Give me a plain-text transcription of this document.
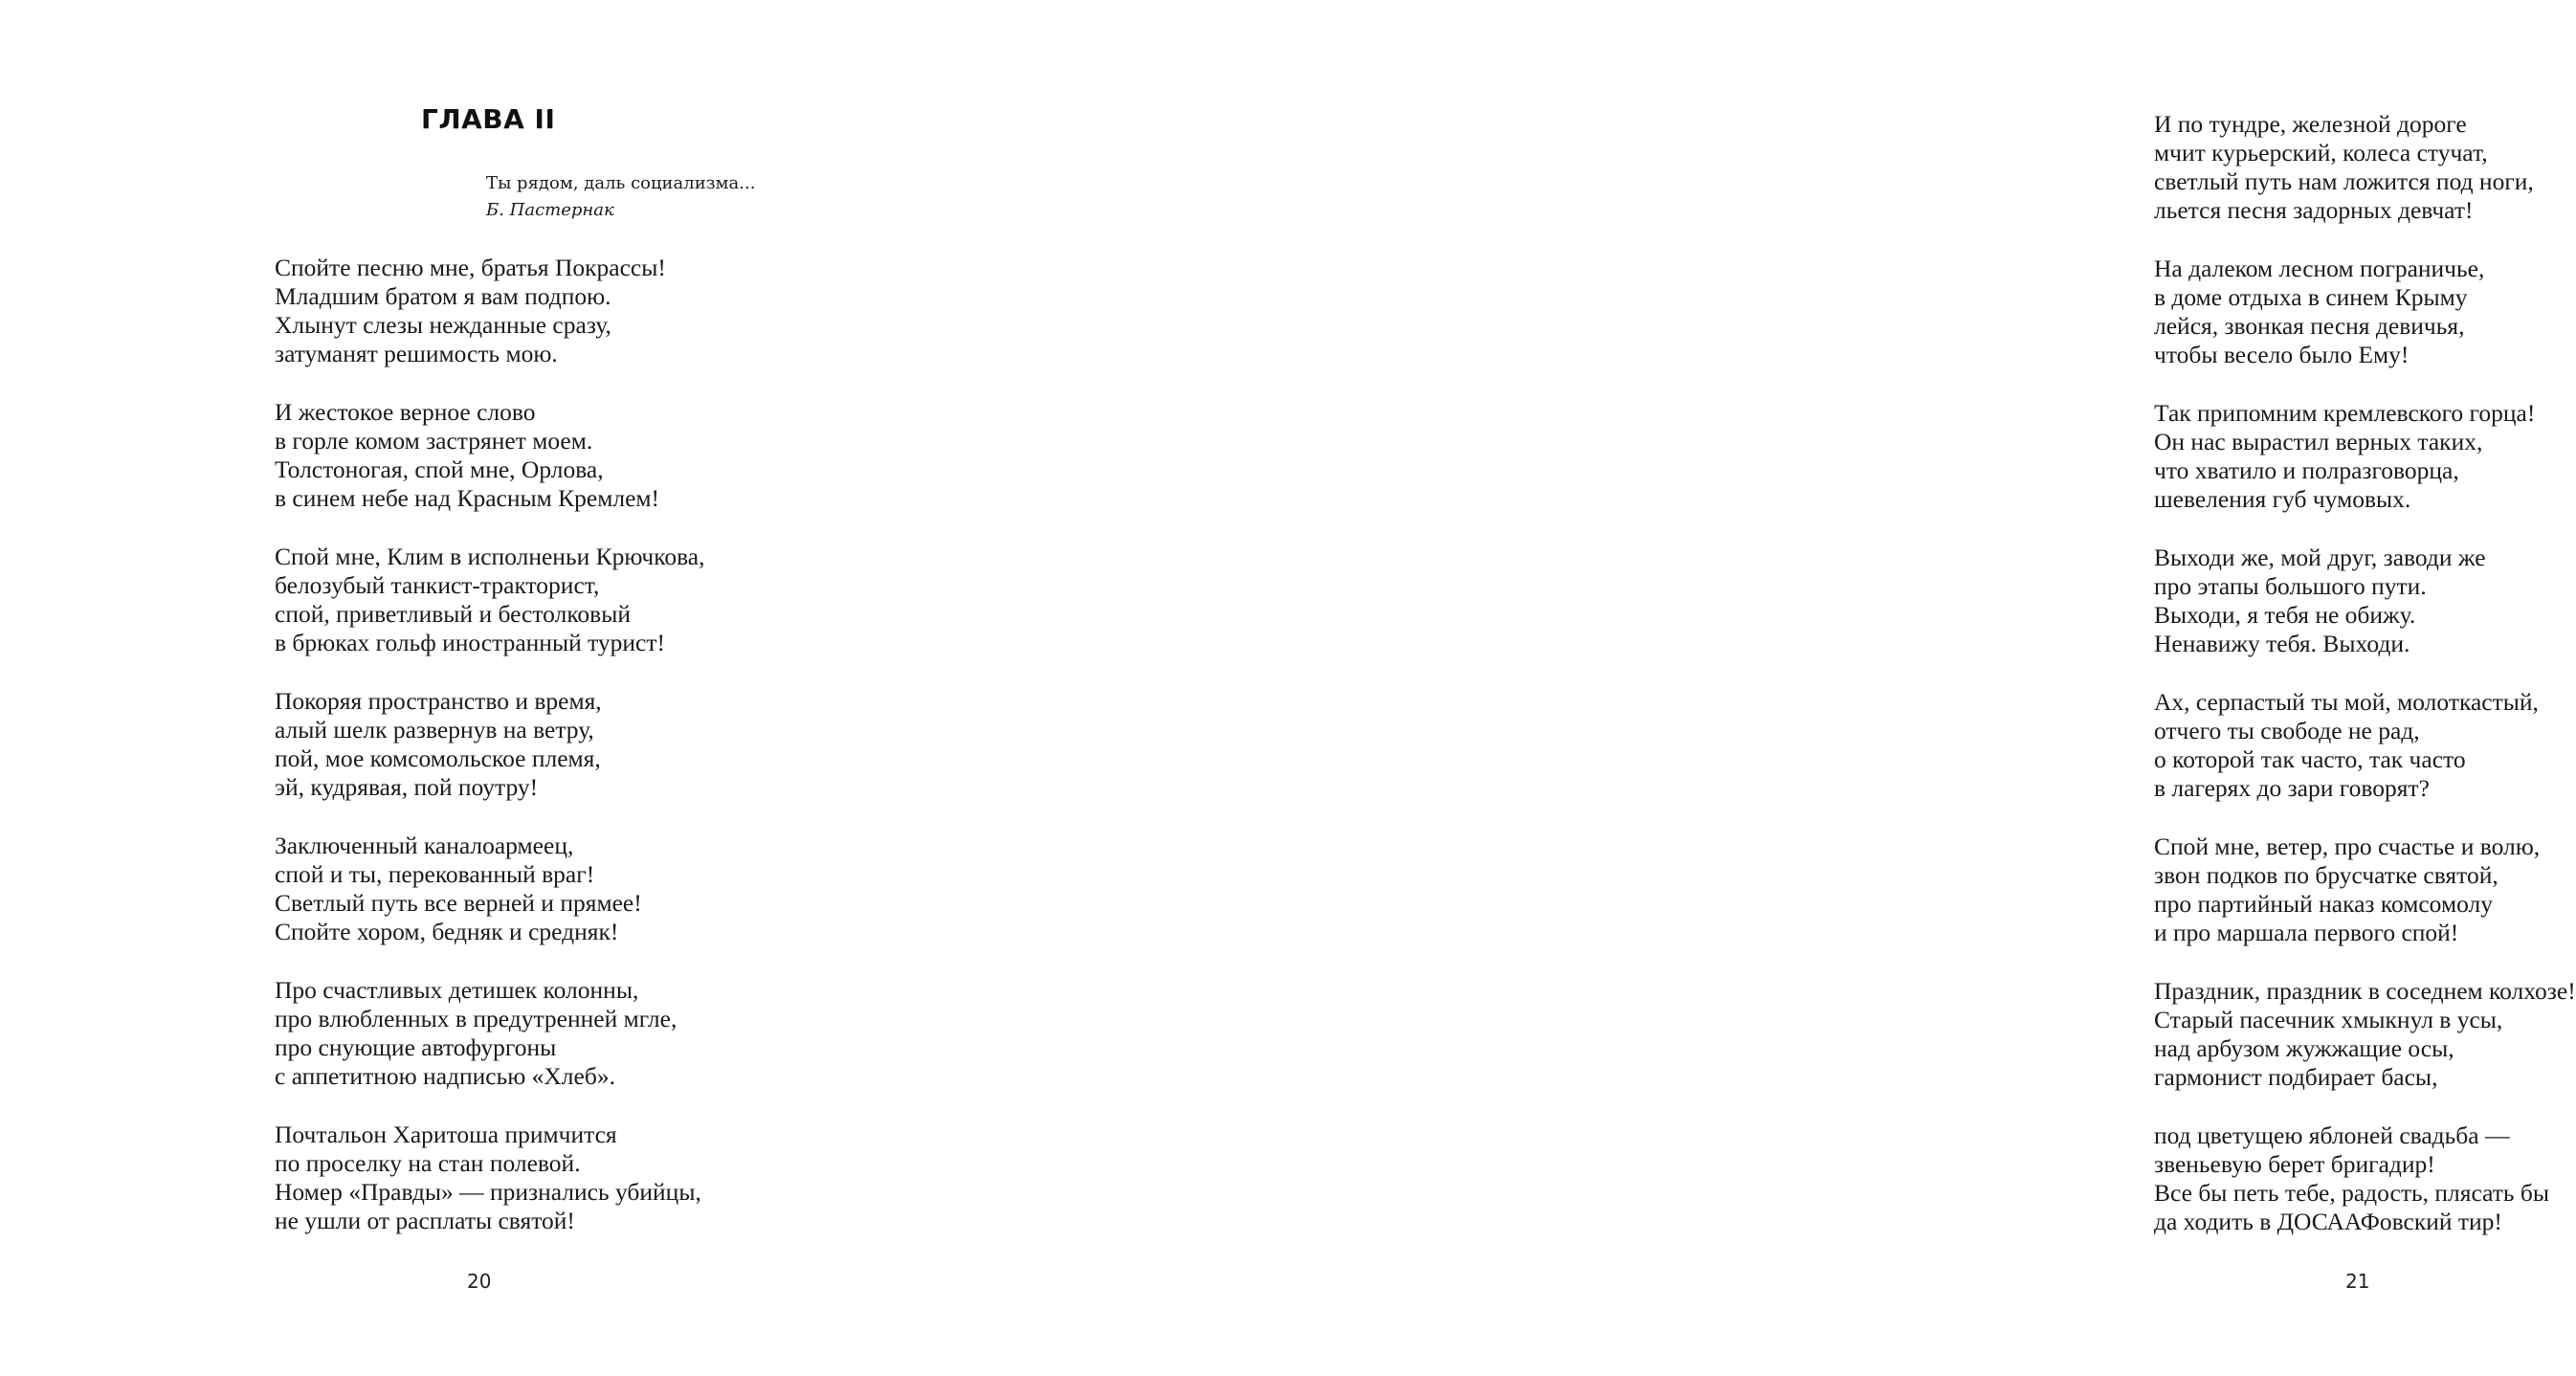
ГЛАВА II
Ты рядом, даль социализма...
Б. Пастернак
Спойте песню мне, братья Покрассы!
Младшим братом я вам подпою.
Хлынут слезы нежданные сразу,
затуманят решимость мою.
И жестокое верное слово
в горле комом застрянет моем.
Толстоногая, спой мне, Орлова,
в синем небе над Красным Кремлем!
Спой мне, Клим в исполненьи Крючкова,
белозубый танкист-тракторист,
спой, приветливый и бестолковый
в брюках гольф иностранный турист!
Покоряя пространство и время,
алый шелк развернув на ветру,
пой, мое комсомольское племя,
эй, кудрявая, пой поутру!
Заключенный каналоармеец,
спой и ты, перекованный враг!
Светлый путь все верней и прямее!
Спойте хором, бедняк и средняк!
Про счастливых детишек колонны,
про влюбленных в предутренней мгле,
про снующие автофургоны
с аппетитною надписью «Хлеб».
Почтальон Харитоша примчится
по проселку на стан полевой.
Номер «Правды» — признались убийцы,
не ушли от расплаты святой!
20
И по тундре, железной дороге
мчит курьерский, колеса стучат,
светлый путь нам ложится под ноги,
льется песня задорных девчат!
На далеком лесном пограничье,
в доме отдыха в синем Крыму
лейся, звонкая песня девичья,
чтобы весело было Ему!
Так припомним кремлевского горца!
Он нас вырастил верных таких,
что хватило и полразговорца,
шевеления губ чумовых.
Выходи же, мой друг, заводи же
про этапы большого пути.
Выходи, я тебя не обижу.
Ненавижу тебя. Выходи.
Ах, серпастый ты мой, молоткастый,
отчего ты свободе не рад,
о которой так часто, так часто
в лагерях до зари говорят?
Спой мне, ветер, про счастье и волю,
звон подков по брусчатке святой,
про партийный наказ комсомолу
и про маршала первого спой!
Праздник, праздник в соседнем колхозе!
Старый пасечник хмыкнул в усы,
над арбузом жужжащие осы,
гармонист подбирает басы,
под цветущею яблоней свадьба —
звеньевую берет бригадир!
Все бы петь тебе, радость, плясать бы
да ходить в ДОСААФовский тир!
21
